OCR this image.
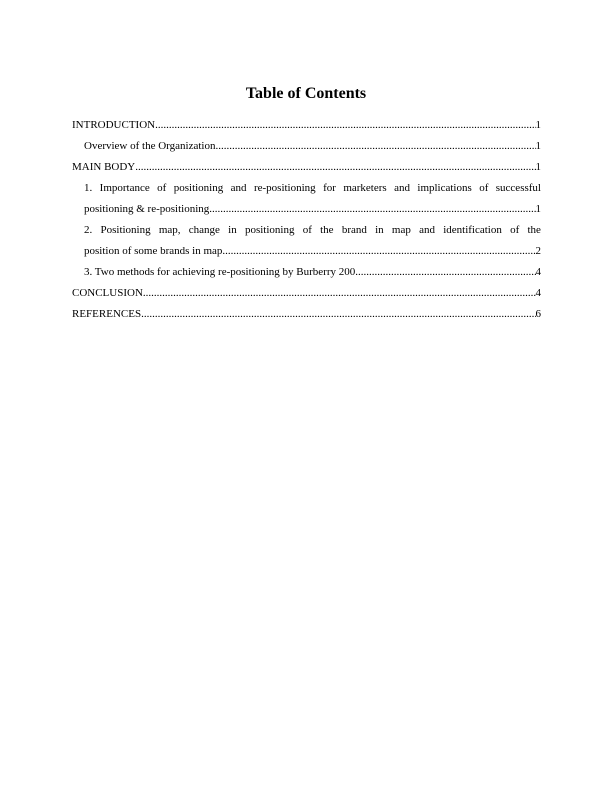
Table of Contents
INTRODUCTION .....	1
Overview of the Organization .....	1
MAIN BODY .....	1
1. Importance of positioning and re-positioning for marketers and implications of successful
positioning & re-positioning .....	1
2. Positioning map, change in positioning of the brand in map and identification of the
position of some brands in map .....	2
3. Two methods for achieving re-positioning by Burberry 200 .....	4
CONCLUSION .....	4
REFERENCES .....	6
